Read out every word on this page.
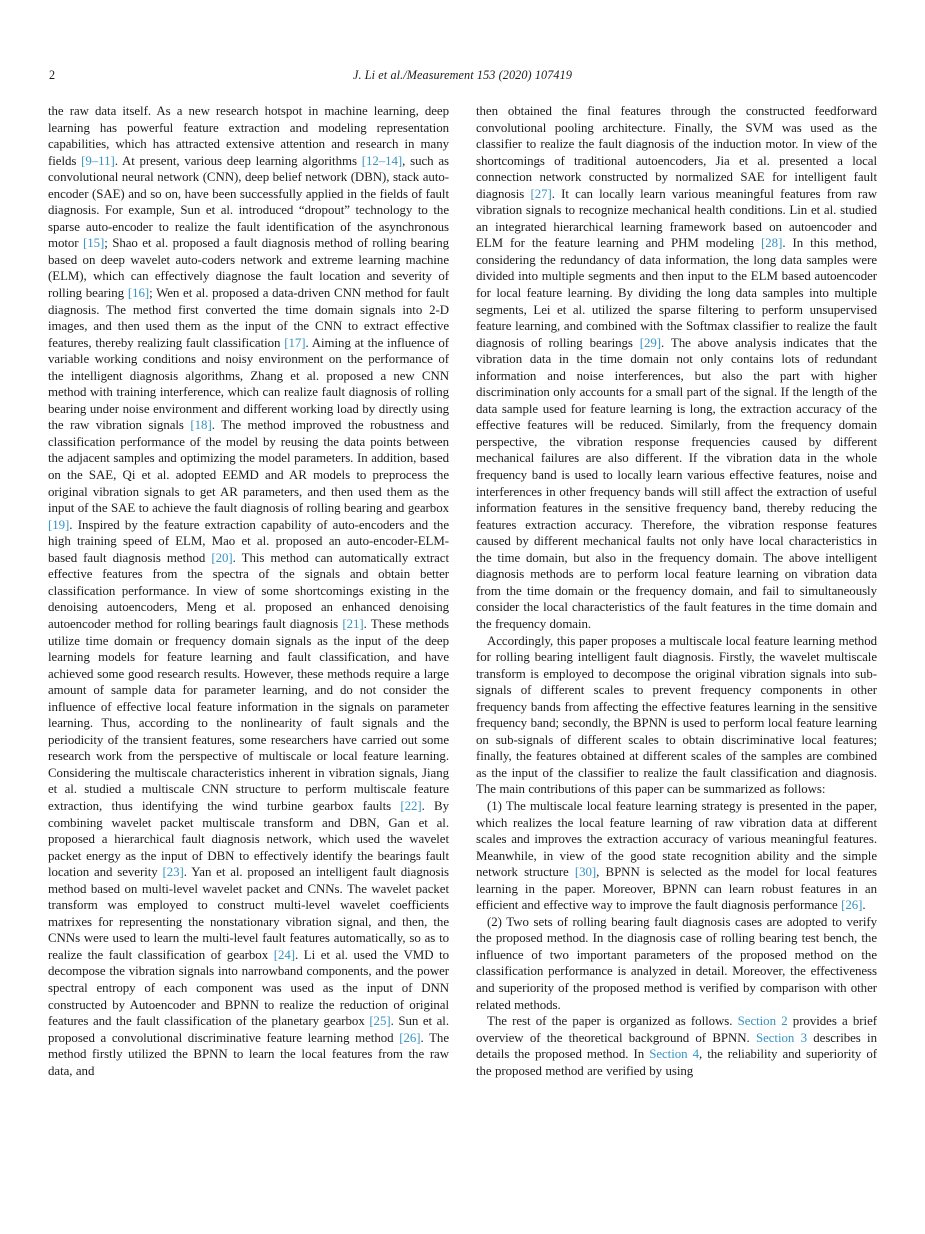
2	J. Li et al./Measurement 153 (2020) 107419

the raw data itself. As a new research hotspot in machine learning, deep learning has powerful feature extraction and modeling representation capabilities, which has attracted extensive attention and research in many fields [9–11]. At present, various deep learning algorithms [12–14], such as convolutional neural network (CNN), deep belief network (DBN), stack auto-encoder (SAE) and so on, have been successfully applied in the fields of fault diagnosis. For example, Sun et al. introduced “dropout” technology to the sparse auto-encoder to realize the fault identification of the asynchronous motor [15]; Shao et al. proposed a fault diagnosis method of rolling bearing based on deep wavelet auto-coders network and extreme learning machine (ELM), which can effectively diagnose the fault location and severity of rolling bearing [16]; Wen et al. proposed a data-driven CNN method for fault diagnosis. The method first converted the time domain signals into 2-D images, and then used them as the input of the CNN to extract effective features, thereby realizing fault classification [17]. Aiming at the influence of variable working conditions and noisy environment on the performance of the intelligent diagnosis algorithms, Zhang et al. proposed a new CNN method with training interference, which can realize fault diagnosis of rolling bearing under noise environment and different working load by directly using the raw vibration signals [18]. The method improved the robustness and classification performance of the model by reusing the data points between the adjacent samples and optimizing the model parameters. In addition, based on the SAE, Qi et al. adopted EEMD and AR models to preprocess the original vibration signals to get AR parameters, and then used them as the input of the SAE to achieve the fault diagnosis of rolling bearing and gearbox [19]. Inspired by the feature extraction capability of auto-encoders and the high training speed of ELM, Mao et al. proposed an auto-encoder-ELM-based fault diagnosis method [20]. This method can automatically extract effective features from the spectra of the signals and obtain better classification performance. In view of some shortcomings existing in the denoising autoencoders, Meng et al. proposed an enhanced denoising autoencoder method for rolling bearings fault diagnosis [21]. These methods utilize time domain or frequency domain signals as the input of the deep learning models for feature learning and fault classification, and have achieved some good research results. However, these methods require a large amount of sample data for parameter learning, and do not consider the influence of effective local feature information in the signals on parameter learning. Thus, according to the nonlinearity of fault signals and the periodicity of the transient features, some researchers have carried out some research work from the perspective of multiscale or local feature learning. Considering the multiscale characteristics inherent in vibration signals, Jiang et al. studied a multiscale CNN structure to perform multiscale feature extraction, thus identifying the wind turbine gearbox faults [22]. By combining wavelet packet multiscale transform and DBN, Gan et al. proposed a hierarchical fault diagnosis network, which used the wavelet packet energy as the input of DBN to effectively identify the bearings fault location and severity [23]. Yan et al. proposed an intelligent fault diagnosis method based on multi-level wavelet packet and CNNs. The wavelet packet transform was employed to construct multi-level wavelet coefficients matrixes for representing the nonstationary vibration signal, and then, the CNNs were used to learn the multi-level fault features automatically, so as to realize the fault classification of gearbox [24]. Li et al. used the VMD to decompose the vibration signals into narrowband components, and the power spectral entropy of each component was used as the input of DNN constructed by Autoencoder and BPNN to realize the reduction of original features and the fault classification of the planetary gearbox [25]. Sun et al. proposed a convolutional discriminative feature learning method [26]. The method firstly utilized the BPNN to learn the local features from the raw data, and

then obtained the final features through the constructed feedforward convolutional pooling architecture. Finally, the SVM was used as the classifier to realize the fault diagnosis of the induction motor. In view of the shortcomings of traditional autoencoders, Jia et al. presented a local connection network constructed by normalized SAE for intelligent fault diagnosis [27]. It can locally learn various meaningful features from raw vibration signals to recognize mechanical health conditions. Lin et al. studied an integrated hierarchical learning framework based on autoencoder and ELM for the feature learning and PHM modeling [28]. In this method, considering the redundancy of data information, the long data samples were divided into multiple segments and then input to the ELM based autoencoder for local feature learning. By dividing the long data samples into multiple segments, Lei et al. utilized the sparse filtering to perform unsupervised feature learning, and combined with the Softmax classifier to realize the fault diagnosis of rolling bearings [29]. The above analysis indicates that the vibration data in the time domain not only contains lots of redundant information and noise interferences, but also the part with higher discrimination only accounts for a small part of the signal. If the length of the data sample used for feature learning is long, the extraction accuracy of the effective features will be reduced. Similarly, from the frequency domain perspective, the vibration response frequencies caused by different mechanical failures are also different. If the vibration data in the whole frequency band is used to locally learn various effective features, noise and interferences in other frequency bands will still affect the extraction of useful information features in the sensitive frequency band, thereby reducing the features extraction accuracy. Therefore, the vibration response features caused by different mechanical faults not only have local characteristics in the time domain, but also in the frequency domain. The above intelligent diagnosis methods are to perform local feature learning on vibration data from the time domain or the frequency domain, and fail to simultaneously consider the local characteristics of the fault features in the time domain and the frequency domain.

Accordingly, this paper proposes a multiscale local feature learning method for rolling bearing intelligent fault diagnosis. Firstly, the wavelet multiscale transform is employed to decompose the original vibration signals into sub-signals of different scales to prevent frequency components in other frequency bands from affecting the effective features learning in the sensitive frequency band; secondly, the BPNN is used to perform local feature learning on sub-signals of different scales to obtain discriminative local features; finally, the features obtained at different scales of the samples are combined as the input of the classifier to realize the fault classification and diagnosis. The main contributions of this paper can be summarized as follows:

(1) The multiscale local feature learning strategy is presented in the paper, which realizes the local feature learning of raw vibration data at different scales and improves the extraction accuracy of various meaningful features. Meanwhile, in view of the good state recognition ability and the simple network structure [30], BPNN is selected as the model for local features learning in the paper. Moreover, BPNN can learn robust features in an efficient and effective way to improve the fault diagnosis performance [26].

(2) Two sets of rolling bearing fault diagnosis cases are adopted to verify the proposed method. In the diagnosis case of rolling bearing test bench, the influence of two important parameters of the proposed method on the classification performance is analyzed in detail. Moreover, the effectiveness and superiority of the proposed method is verified by comparison with other related methods.

The rest of the paper is organized as follows. Section 2 provides a brief overview of the theoretical background of BPNN. Section 3 describes in details the proposed method. In Section 4, the reliability and superiority of the proposed method are verified by using
